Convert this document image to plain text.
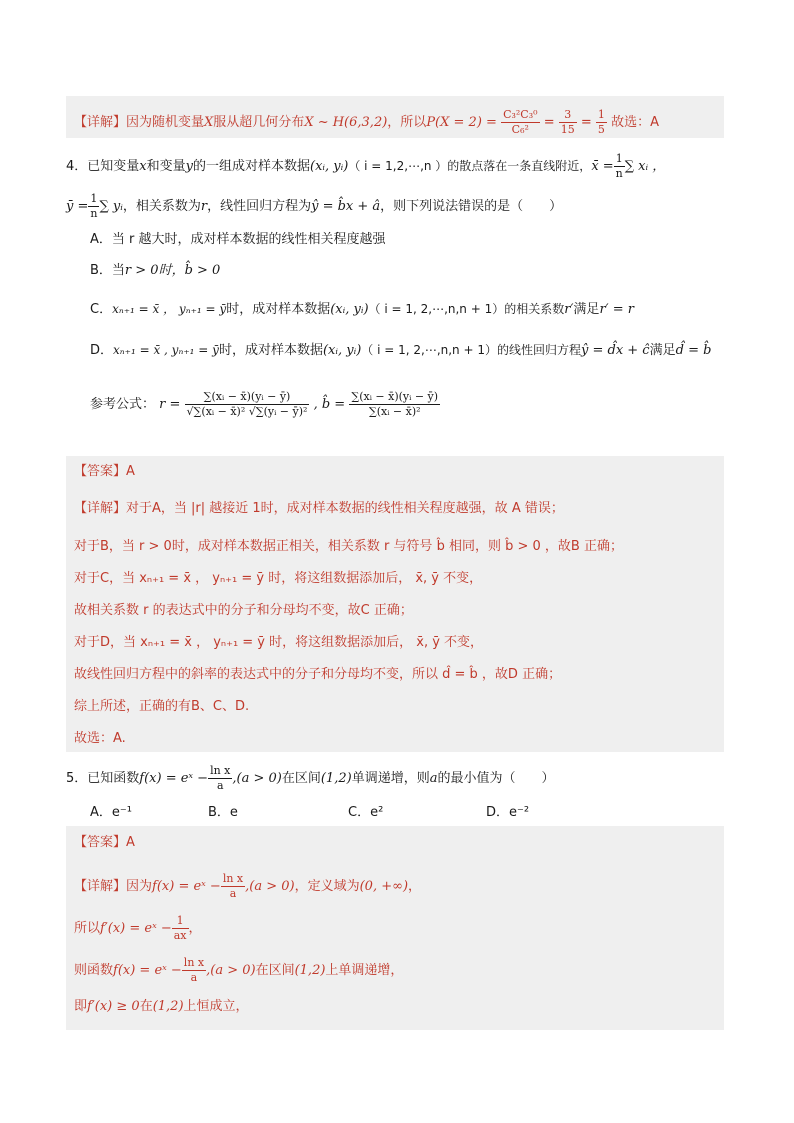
【详解】因为随机变量X服从超几何分布X ~ H(6,3,2)，所以$P(X = 2) = \frac{\text{C₃²C₃⁰}}{\text{C₆²}} = \frac{3}{15} = \frac{1}{5}$ 故选：A
4．已知变量x和变量y的一组成对样本数据(xᵢ, yᵢ)（ i = 1,2,⋯,n ）的散点落在一条直线附近，x̄ = $\frac{1}{n}$ ∑ xᵢ ，
ȳ = $\frac{1}{n}$ ∑ yᵢ，相关系数为r，线性回归方程为ŷ = b̂x + â，则下列说法错误的是（　　）
A．当 r 越大时，成对样本数据的线性相关程度越强
B．当r > 0时，b̂ > 0
C．xₙ₊₁ = x̄ ， yₙ₊₁ = ȳ时，成对样本数据(xᵢ, yᵢ)（ i = 1, 2,⋯,n,n + 1）的相关系数r′满足r′ = r
D．xₙ₊₁ = x̄ , yₙ₊₁ = ȳ时，成对样本数据(xᵢ, yᵢ)（ i = 1, 2,⋯,n,n + 1）的线性回归方程ŷ = d̂x + ĉ满足d̂ = b̂
参考公式： $r = \frac{\text{∑(xᵢ − x̄)(yᵢ − ȳ)}}{\text{√∑(xᵢ − x̄)² √∑(yᵢ − ȳ)²}}$ , b̂ = $\frac{\text{∑(xᵢ − x̄)(yᵢ − ȳ)}}{\text{∑(xᵢ − x̄)²}}$
【答案】A
【详解】对于A，当 |r| 越接近 1时，成对样本数据的线性相关程度越强，故 A 错误；
对于B，当 r > 0时，成对样本数据正相关，相关系数 r 与符号 b̂ 相同，则 b̂ > 0 ，故B 正确；
对于C，当 xₙ₊₁ = x̄ ， yₙ₊₁ = ȳ 时，将这组数据添加后， x̄, ȳ 不变，
故相关系数 r 的表达式中的分子和分母均不变，故C 正确；
对于D，当 xₙ₊₁ = x̄ ， yₙ₊₁ = ȳ 时，将这组数据添加后， x̄, ȳ 不变，
故线性回归方程中的斜率的表达式中的分子和分母均不变，所以 d̂ = b̂ ，故D 正确；
综上所述，正确的有B、C、D.
故选：A.
5．已知函数f(x) = eˣ − $\frac{\text{ln x}}{a} ,(a > 0)$在区间(1,2)单调递增，则a的最小值为（　　）
A．e⁻¹	B．e	C．e²	D．e⁻²
【答案】A
【详解】因为f(x) = eˣ − $\frac{\text{ln x}}{a} ,(a > 0)$，定义域为(0, +∞)，
所以f′(x) = eˣ − $\frac{1}{ax}$ ，
则函数f(x) = eˣ − $\frac{\text{ln x}}{a} ,(a > 0)$在区间(1,2)上单调递增，
即f′(x) ≥ 0在(1,2)上恒成立，
